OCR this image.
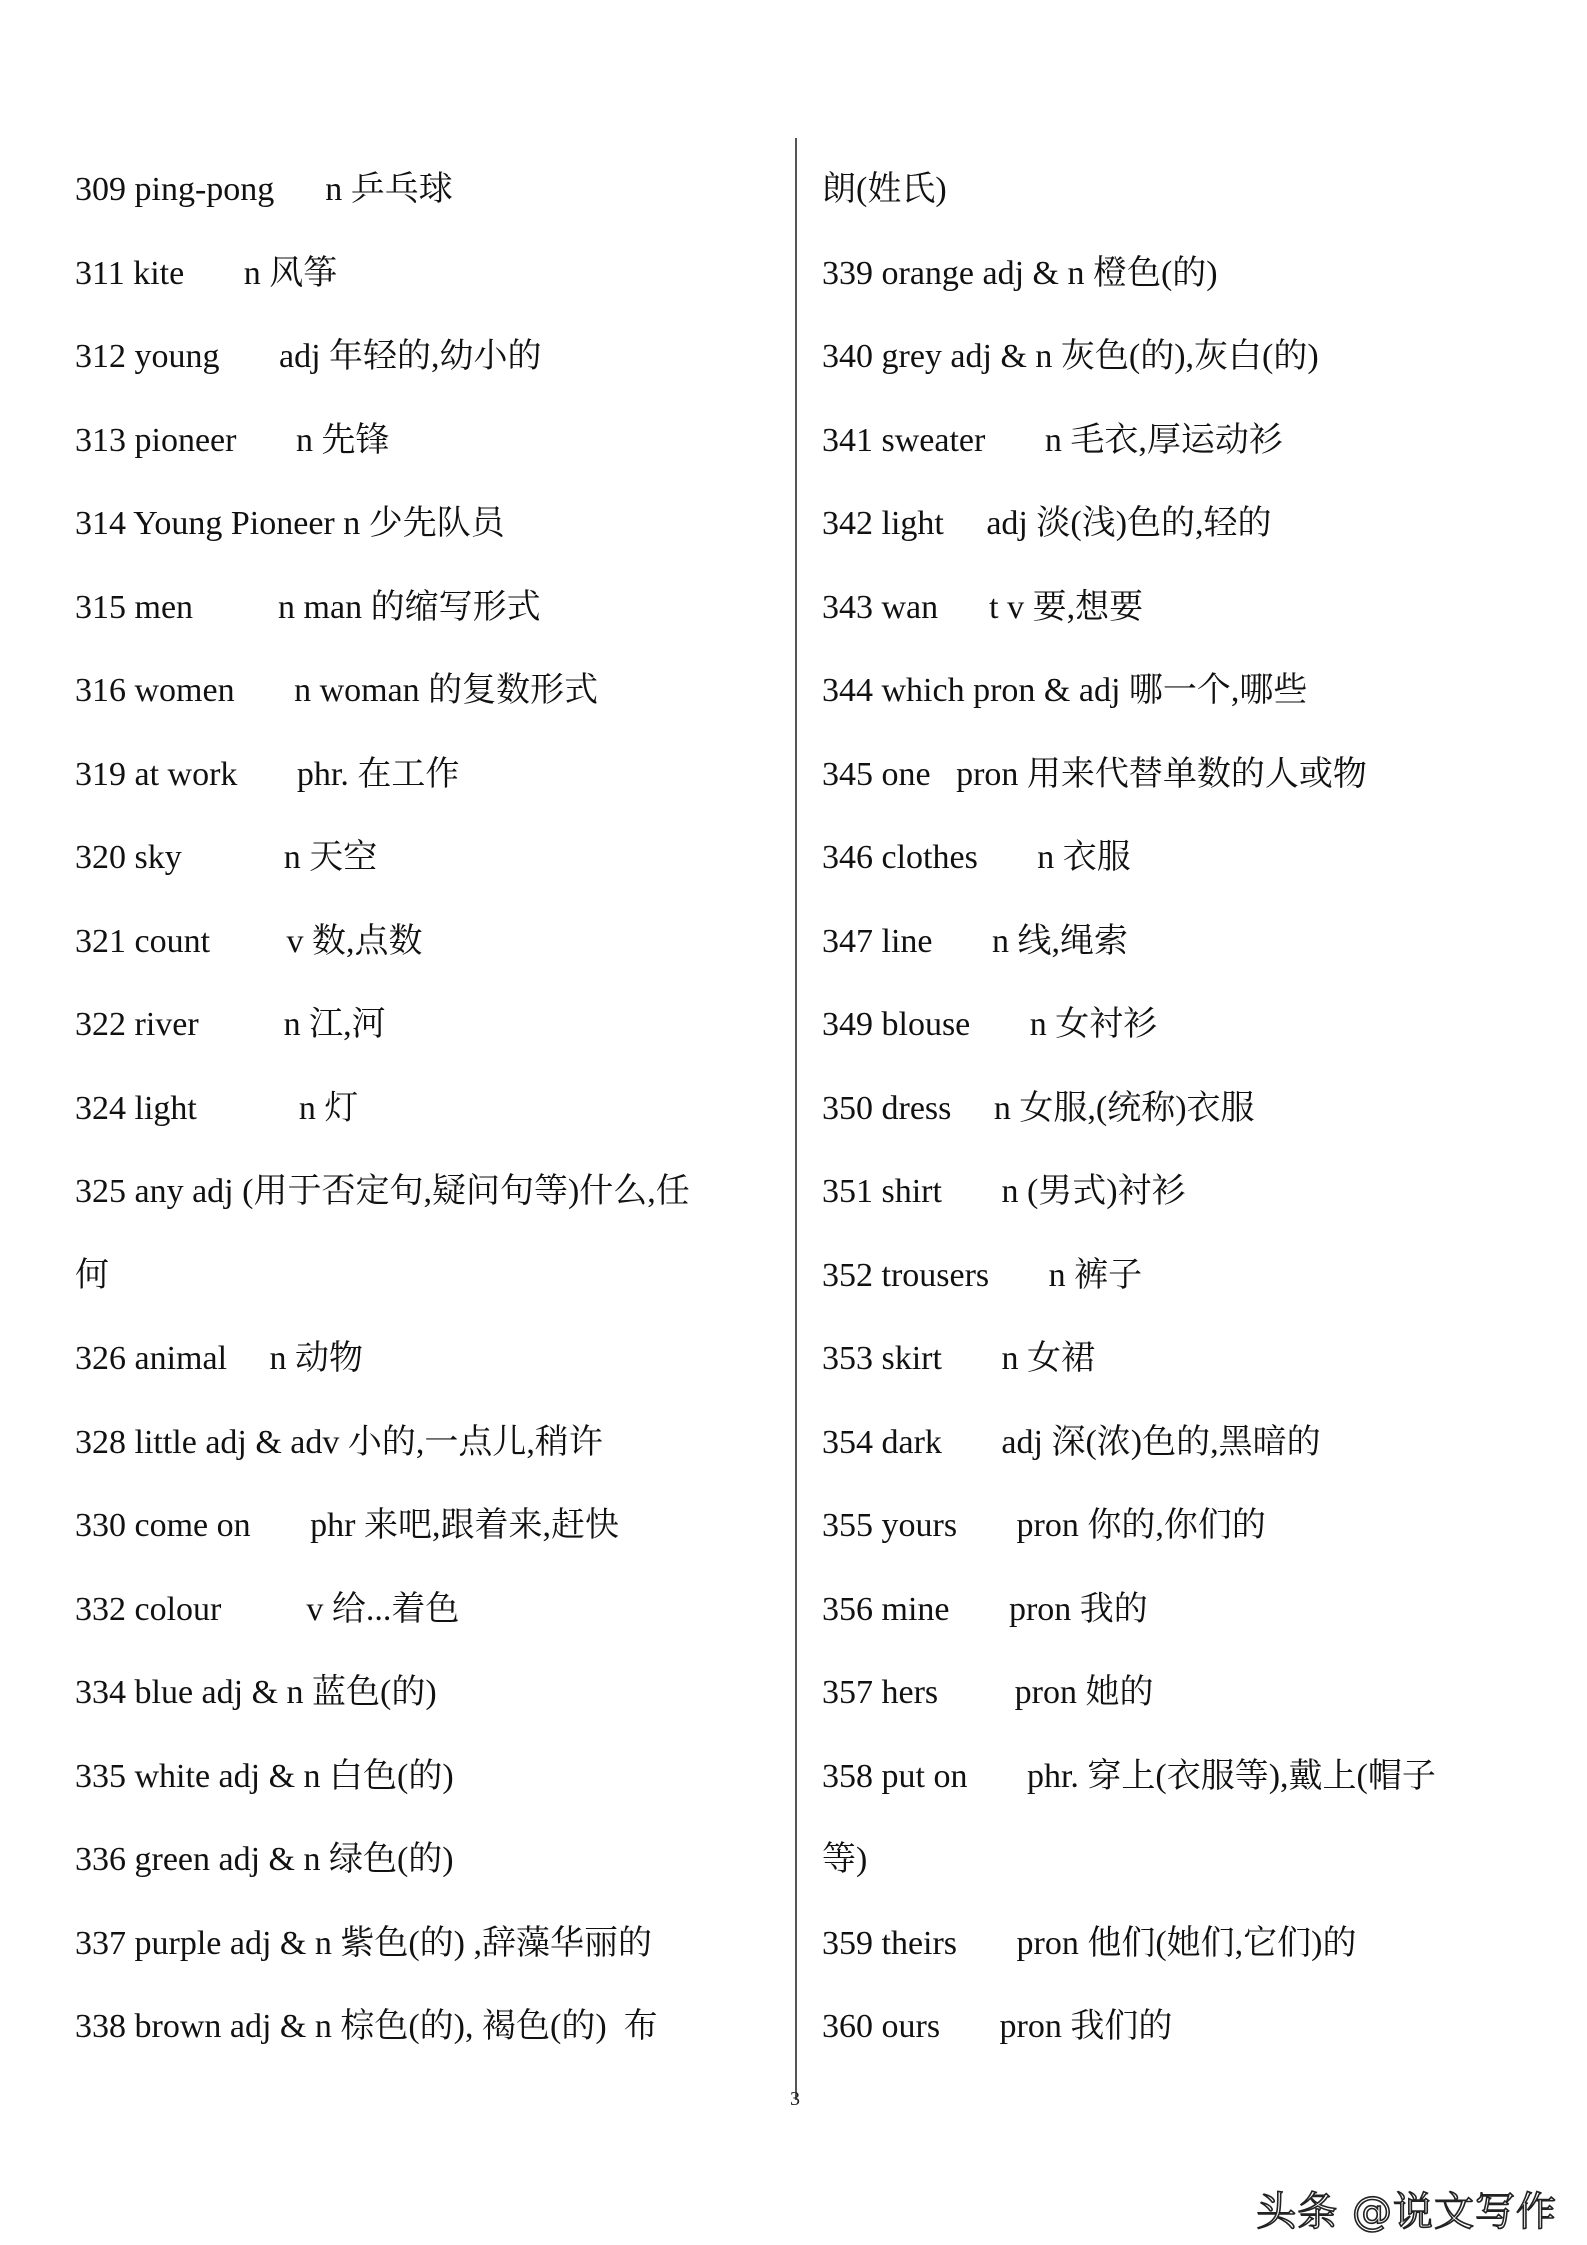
309 ping-pong      n 乒乓球
311 kite       n 风筝
312 young       adj 年轻的,幼小的
313 pioneer       n 先锋
314 Young Pioneer n 少先队员
315 men          n man 的缩写形式
316 women       n woman 的复数形式
319 at work       phr. 在工作
320 sky            n 天空
321 count         v 数,点数
322 river          n 江,河
324 light            n 灯
325 any adj (用于否定句,疑问句等)什么,任
何
326 animal     n 动物
328 little adj & adv 小的,一点儿,稍许
330 come on       phr 来吧,跟着来,赶快
332 colour          v 给...着色
334 blue adj & n 蓝色(的)
335 white adj & n 白色(的)
336 green adj & n 绿色(的)
337 purple adj & n 紫色(的) ,辞藻华丽的
338 brown adj & n 棕色(的), 褐色(的)  布
朗(姓氏)
339 orange adj & n 橙色(的)
340 grey adj & n 灰色(的),灰白(的)
341 sweater       n 毛衣,厚运动衫
342 light     adj 淡(浅)色的,轻的
343 wan      t v 要,想要
344 which pron & adj 哪一个,哪些
345 one   pron 用来代替单数的人或物
346 clothes       n 衣服
347 line       n 线,绳索
349 blouse       n 女衬衫
350 dress     n 女服,(统称)衣服
351 shirt       n (男式)衬衫
352 trousers       n 裤子
353 skirt       n 女裙
354 dark       adj 深(浓)色的,黑暗的
355 yours       pron 你的,你们的
356 mine       pron 我的
357 hers         pron 她的
358 put on       phr. 穿上(衣服等),戴上(帽子
等)
359 theirs       pron 他们(她们,它们)的
360 ours       pron 我们的
3
头条 @说文写作
